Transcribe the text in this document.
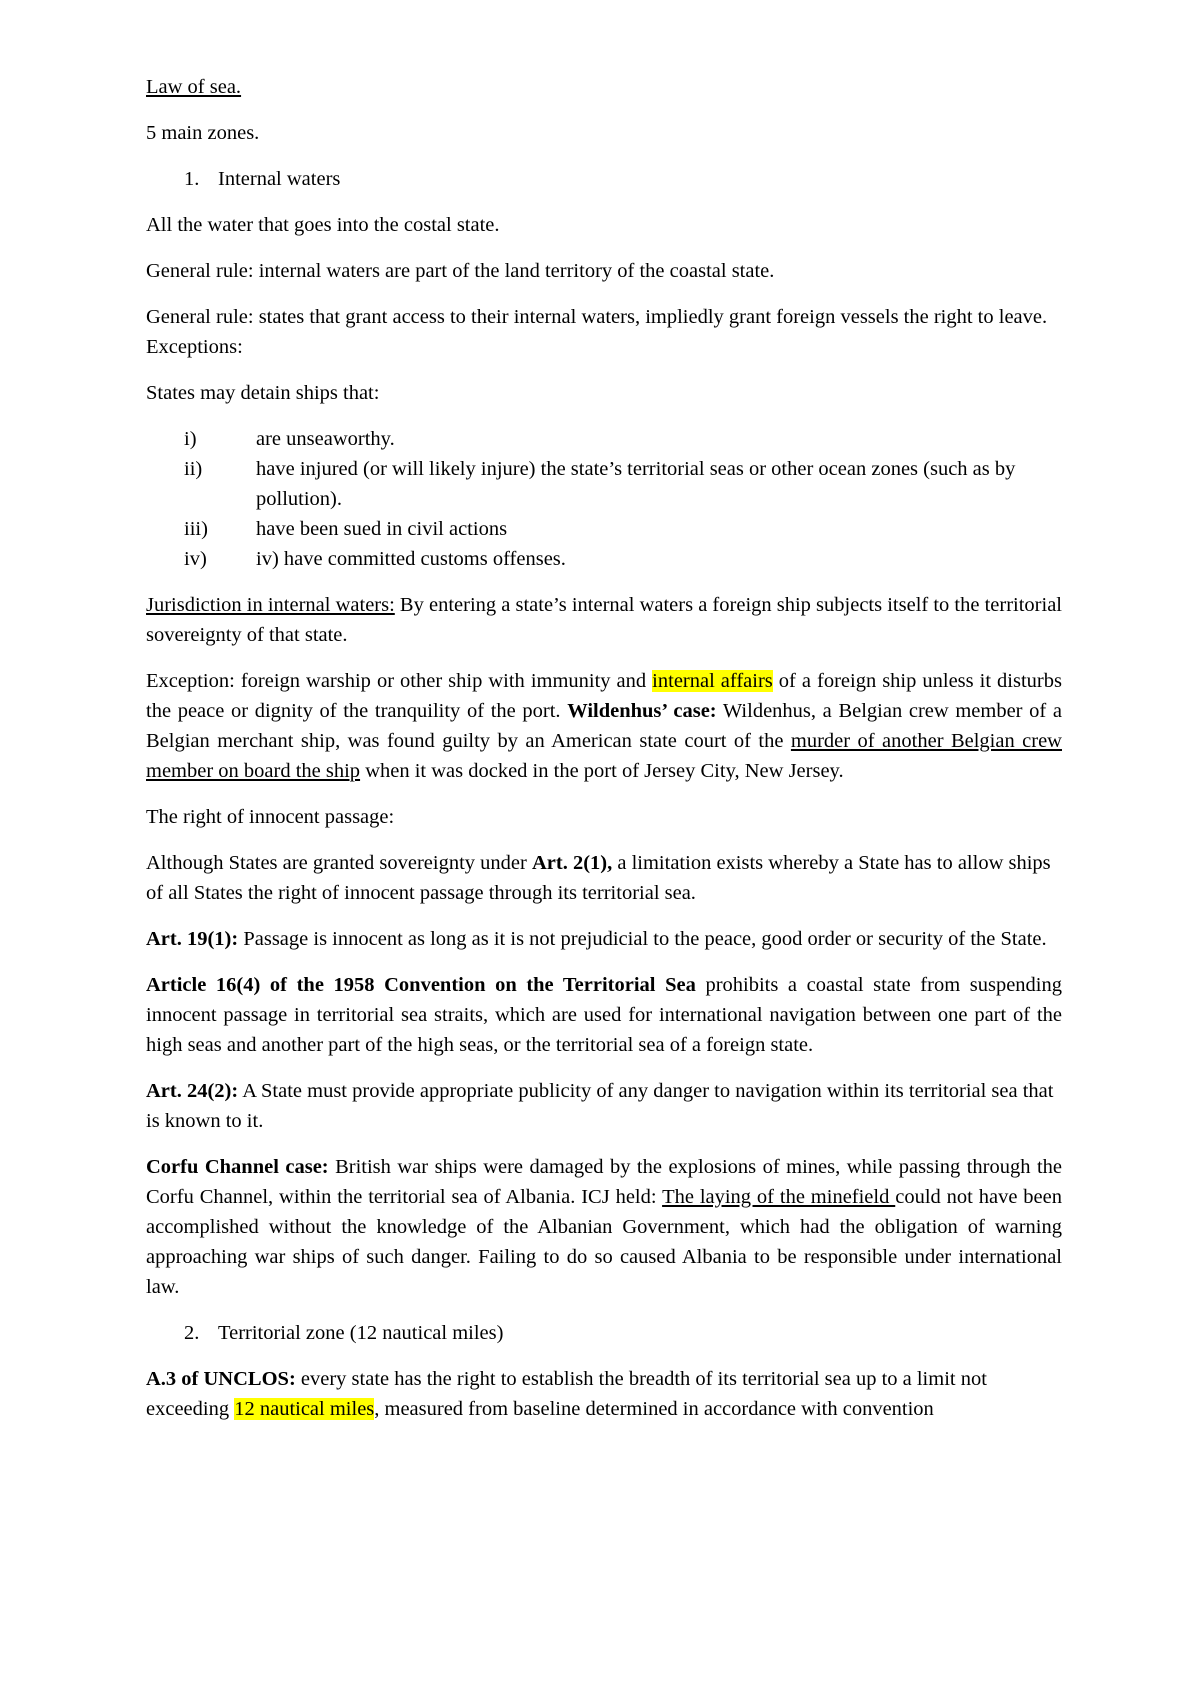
Law of sea.

5 main zones.

1. Internal waters

All the water that goes into the costal state.

General rule: internal waters are part of the land territory of the coastal state.

General rule: states that grant access to their internal waters, impliedly grant foreign vessels the right to leave.

Exceptions:

States may detain ships that:

i)	are unseaworthy.
ii)	have injured (or will likely injure) the state’s territorial seas or other ocean zones (such as by pollution).
iii) have been sued in civil actions
iv) iv) have committed customs offenses.

Jurisdiction in internal waters: By entering a state’s internal waters a foreign ship subjects itself to the territorial sovereignty of that state.

Exception: foreign warship or other ship with immunity and internal affairs of a foreign ship unless it disturbs the peace or dignity of the tranquility of the port. Wildenhus’ case: Wildenhus, a Belgian crew member of a Belgian merchant ship, was found guilty by an American state court of the murder of another Belgian crew member on board the ship when it was docked in the port of Jersey City, New Jersey.

The right of innocent passage:

Although States are granted sovereignty under Art. 2(1), a limitation exists whereby a State has to allow ships of all States the right of innocent passage through its territorial sea.

Art. 19(1): Passage is innocent as long as it is not prejudicial to the peace, good order or security of the State.

Article 16(4) of the 1958 Convention on the Territorial Sea prohibits a coastal state from suspending innocent passage in territorial sea straits, which are used for international navigation between one part of the high seas and another part of the high seas, or the territorial sea of a foreign state.

Art. 24(2): A State must provide appropriate publicity of any danger to navigation within its territorial sea that is known to it.

Corfu Channel case: British war ships were damaged by the explosions of mines, while passing through the Corfu Channel, within the territorial sea of Albania. ICJ held: The laying of the minefield could not have been accomplished without the knowledge of the Albanian Government, which had the obligation of warning approaching war ships of such danger. Failing to do so caused Albania to be responsible under international law.

2. Territorial zone (12 nautical miles)

A.3 of UNCLOS: every state has the right to establish the breadth of its territorial sea up to a limit not exceeding 12 nautical miles, measured from baseline determined in accordance with convention
